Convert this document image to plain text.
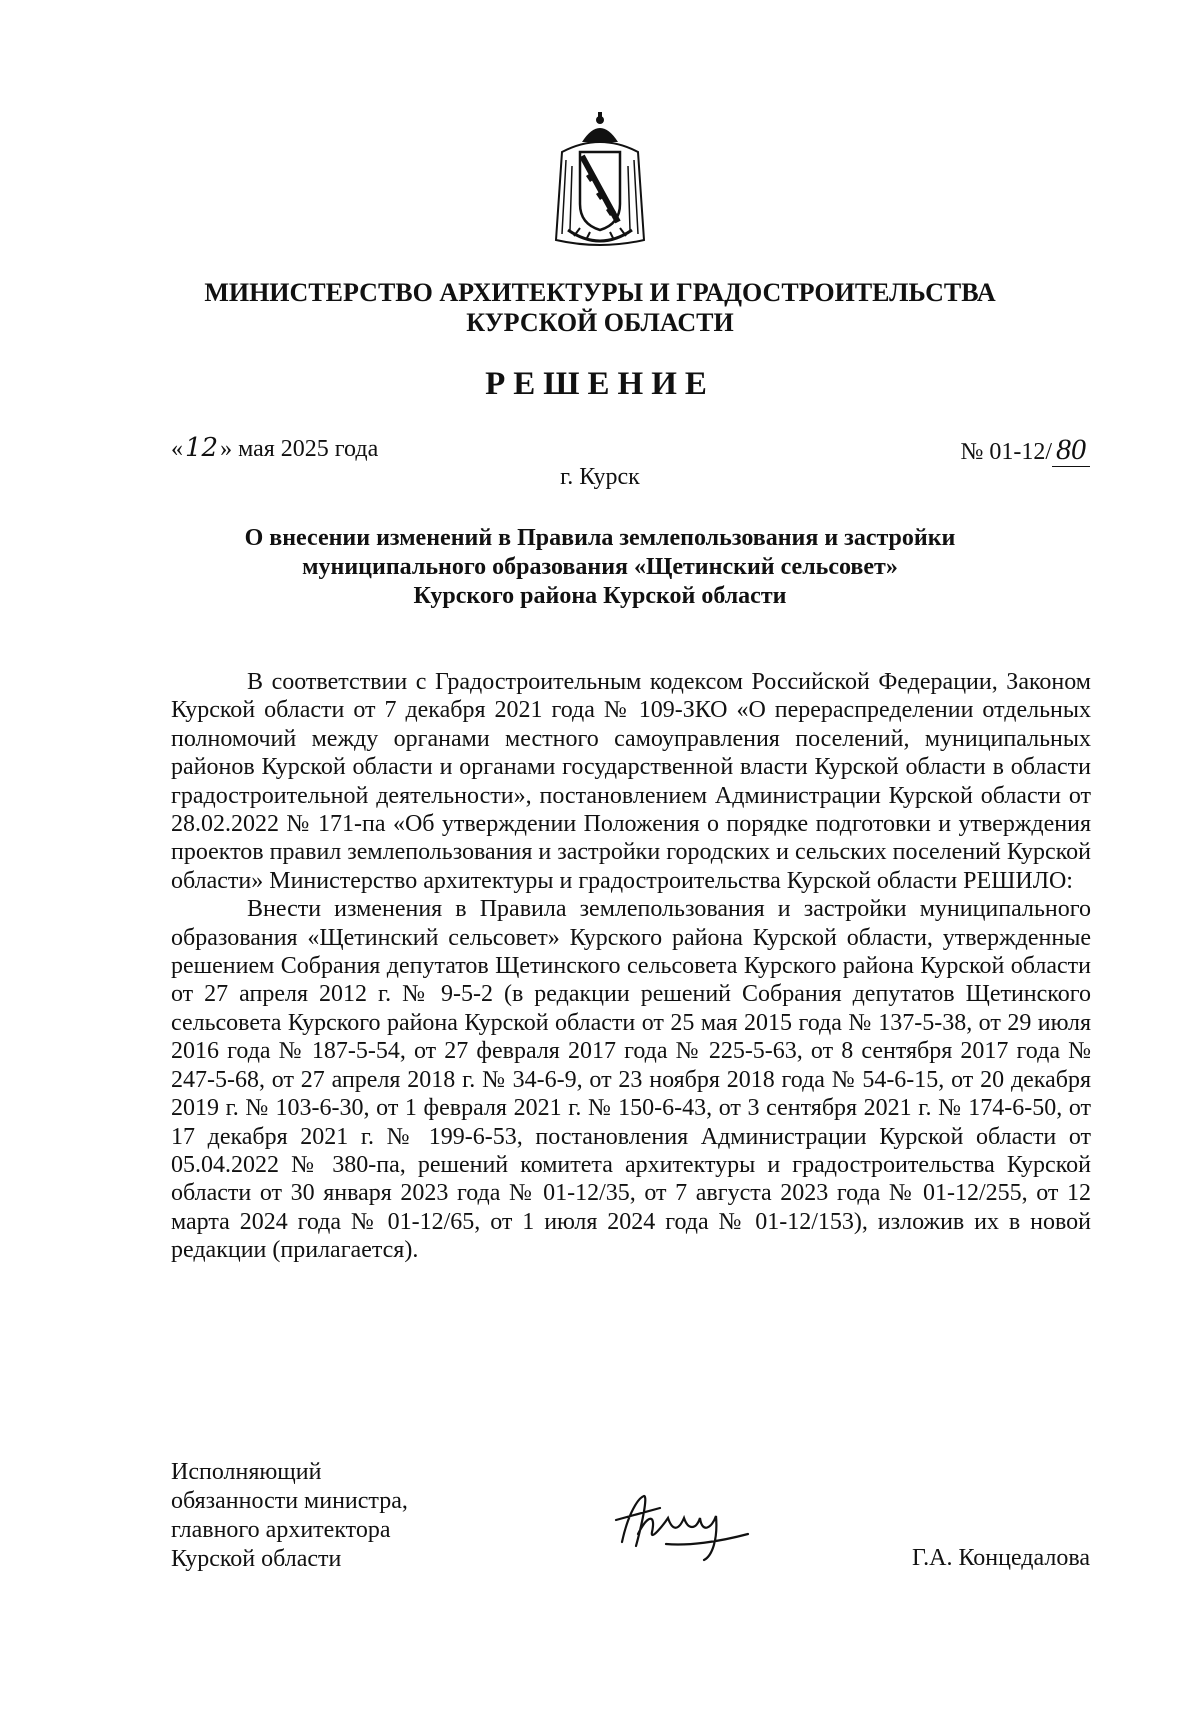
МИНИСТЕРСТВО АРХИТЕКТУРЫ И ГРАДОСТРОИТЕЛЬСТВА
КУРСКОЙ ОБЛАСТИ
РЕШЕНИЕ
«12» мая 2025 года	№ 01-12/ 80
г. Курск
О внесении изменений в Правила землепользования и застройки
муниципального образования «Щетинский сельсовет»
Курского района Курской области

В соответствии с Градостроительным кодексом Российской Федерации, Законом Курской области от 7 декабря 2021 года № 109-ЗКО «О перераспределении отдельных полномочий между органами местного самоуправления поселений, муниципальных районов Курской области и органами государственной власти Курской области в области градостроительной деятельности», постановлением Администрации Курской области от 28.02.2022 № 171-па «Об утверждении Положения о порядке подготовки и утверждения проектов правил землепользования и застройки городских и сельских поселений Курской области» Министерство архитектуры и градостроительства Курской области РЕШИЛО:

Внести изменения в Правила землепользования и застройки муниципального образования «Щетинский сельсовет» Курского района Курской области, утвержденные решением Собрания депутатов Щетинского сельсовета Курского района Курской области от 27 апреля 2012 г. № 9-5-2 (в редакции решений Собрания депутатов Щетинского сельсовета Курского района Курской области от 25 мая 2015 года № 137-5-38, от 29 июля 2016 года № 187-5-54, от 27 февраля 2017 года № 225-5-63, от 8 сентября 2017 года № 247-5-68, от 27 апреля 2018 г. № 34-6-9, от 23 ноября 2018 года № 54-6-15, от 20 декабря 2019 г. № 103-6-30, от 1 февраля 2021 г. № 150-6-43, от 3 сентября 2021 г. № 174-6-50, от 17 декабря 2021 г. № 199-6-53, постановления Администрации Курской области от 05.04.2022 № 380-па, решений комитета архитектуры и градостроительства Курской области от 30 января 2023 года № 01-12/35, от 7 августа 2023 года № 01-12/255, от 12 марта 2024 года № 01-12/65, от 1 июля 2024 года № 01-12/153), изложив их в новой редакции (прилагается).

Исполняющий
обязанности министра,
главного архитектора
Курской области	Г.А. Концедалова
